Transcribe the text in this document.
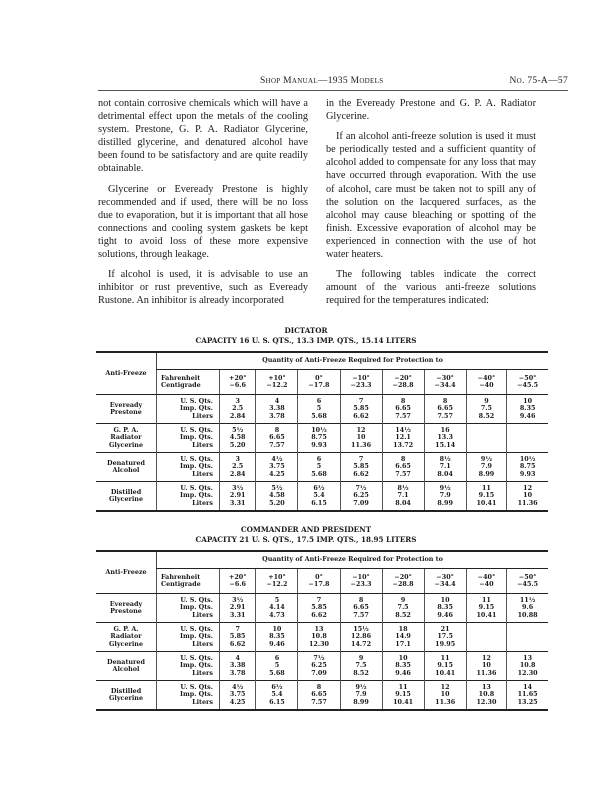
Shop Manual—1935 Models	No. 75-A—57

not contain corrosive chemicals which will have a detrimental effect upon the metals of the cooling system. Prestone, G. P. A. Radiator Glycerine, distilled glycerine, and denatured alcohol have been found to be satisfactory and are quite readily obtainable.

Glycerine or Eveready Prestone is highly recommended and if used, there will be no loss due to evaporation, but it is important that all hose connections and cooling system gaskets be kept tight to avoid loss of these more expensive solutions, through leakage.

If alcohol is used, it is advisable to use an inhibitor or rust preventive, such as Eveready Rustone. An inhibitor is already incorporated

in the Eveready Prestone and G. P. A. Radiator Glycerine.

If an alcohol anti-freeze solution is used it must be periodically tested and a sufficient quantity of alcohol added to compensate for any loss that may have occurred through evaporation. With the use of alcohol, care must be taken not to spill any of the solution on the lacquered surfaces, as the alcohol may cause bleaching or spotting of the finish. Excessive evaporation of alcohol may be experienced in connection with the use of hot water heaters.

The following tables indicate the correct amount of the various anti-freeze solutions required for the temperatures indicated:

DICTATOR
CAPACITY 16 U. S. QTS., 13.3 IMP. QTS., 15.14 LITERS

Anti-Freeze	Quantity of Anti-Freeze Required for Protection to								

	Fahrenheit
Centigrade	+20°
−6.6	+10°
−12.2	0°
−17.8	−10°
−23.3	−20°
−28.8	−30°
−34.4	−40°
−40	−50°
−45.5

Eveready
Prestone	U. S. Qts.
Imp. Qts.
Liters	3
2.5
2.84	4
3.38
3.78	6
5
5.68	7
5.85
6.62	8
6.65
7.57	8
6.65
7.57	9
7.5
8.52	10
8.35
9.46

G. P. A.
Radiator
Glycerine	U. S. Qts.
Imp. Qts.
Liters	5½
4.58
5.20	8
6.65
7.57	10½
8.75
9.93	12
10
11.36	14½
12.1
13.72	16
13.3
15.14		

Denatured
Alcohol	U. S. Qts.
Imp. Qts.
Liters	3
2.5
2.84	4½
3.75
4.25	6
5
5.68	7
5.85
6.62	8
6.65
7.57	8½
7.1
8.04	9½
7.9
8.99	10½
8.75
9.93

Distilled
Glycerine	U. S. Qts.
Imp. Qts.
Liters	3½
2.91
3.31	5½
4.58
5.20	6½
5.4
6.15	7½
6.25
7.09	8½
7.1
8.04	9½
7.9
8.99	11
9.15
10.41	12
10
11.36

COMMANDER AND PRESIDENT
CAPACITY 21 U. S. QTS., 17.5 IMP. QTS., 18.95 LITERS

Anti-Freeze	Quantity of Anti-Freeze Required for Protection to								

	Fahrenheit
Centigrade	+20°
−6.6	+10°
−12.2	0°
−17.8	−10°
−23.3	−20°
−28.8	−30°
−34.4	−40°
−40	−50°
−45.5

Eveready
Prestone	U. S. Qts.
Imp. Qts.
Liters	3½
2.91
3.31	5
4.14
4.73	7
5.85
6.62	8
6.65
7.57	9
7.5
8.52	10
8.35
9.46	11
9.15
10.41	11½
9.6
10.88

G. P. A.
Radiator
Glycerine	U. S. Qts.
Imp. Qts.
Liters	7
5.85
6.62	10
8.35
9.46	13
10.8
12.30	15½
12.86
14.72	18
14.9
17.1	21
17.5
19.95		

Denatured
Alcohol	U. S. Qts.
Imp. Qts.
Liters	4
3.38
3.78	6
5
5.68	7½
6.25
7.09	9
7.5
8.52	10
8.35
9.46	11
9.15
10.41	12
10
11.36	13
10.8
12.30

Distilled
Glycerine	U. S. Qts.
Imp. Qts.
Liters	4½
3.75
4.25	6½
5.4
6.15	8
6.65
7.57	9½
7.9
8.99	11
9.15
10.41	12
10
11.36	13
10.8
12.30	14
11.65
13.25
